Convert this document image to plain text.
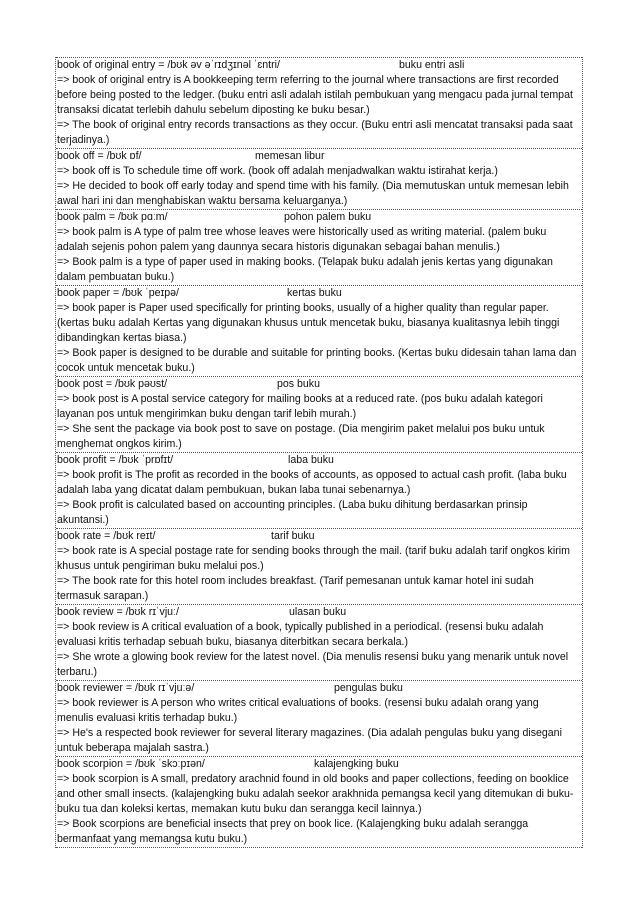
book of original entry = /bʊk əv əˈrɪdʒɪnəl ˈɛntri/	buku entri asli
=> book of original entry is A bookkeeping term referring to the journal where transactions are first recorded before being posted to the ledger. (buku entri asli adalah istilah pembukuan yang mengacu pada jurnal tempat transaksi dicatat terlebih dahulu sebelum diposting ke buku besar.)
=> The book of original entry records transactions as they occur. (Buku entri asli mencatat transaksi pada saat terjadinya.)
book off = /bʊk ɒf/	memesan libur
=> book off is To schedule time off work. (book off adalah menjadwalkan waktu istirahat kerja.)
=> He decided to book off early today and spend time with his family. (Dia memutuskan untuk memesan lebih awal hari ini dan menghabiskan waktu bersama keluarganya.)
book palm = /bʊk pɑːm/	pohon palem buku
=> book palm is A type of palm tree whose leaves were historically used as writing material. (palem buku adalah sejenis pohon palem yang daunnya secara historis digunakan sebagai bahan menulis.)
=> Book palm is a type of paper used in making books. (Telapak buku adalah jenis kertas yang digunakan dalam pembuatan buku.)
book paper = /bʊk ˈpeɪpə/	kertas buku
=> book paper is Paper used specifically for printing books, usually of a higher quality than regular paper. (kertas buku adalah Kertas yang digunakan khusus untuk mencetak buku, biasanya kualitasnya lebih tinggi dibandingkan kertas biasa.)
=> Book paper is designed to be durable and suitable for printing books. (Kertas buku didesain tahan lama dan cocok untuk mencetak buku.)
book post = /bʊk pəʊst/	pos buku
=> book post is A postal service category for mailing books at a reduced rate. (pos buku adalah kategori layanan pos untuk mengirimkan buku dengan tarif lebih murah.)
=> She sent the package via book post to save on postage. (Dia mengirim paket melalui pos buku untuk menghemat ongkos kirim.)
book profit = /bʊk ˈprɒfɪt/	laba buku
=> book profit is The profit as recorded in the books of accounts, as opposed to actual cash profit. (laba buku adalah laba yang dicatat dalam pembukuan, bukan laba tunai sebenarnya.)
=> Book profit is calculated based on accounting principles. (Laba buku dihitung berdasarkan prinsip akuntansi.)
book rate = /bʊk reɪt/	tarif buku
=> book rate is A special postage rate for sending books through the mail. (tarif buku adalah tarif ongkos kirim khusus untuk pengiriman buku melalui pos.)
=> The book rate for this hotel room includes breakfast. (Tarif pemesanan untuk kamar hotel ini sudah termasuk sarapan.)
book review = /bʊk rɪˈvjuː/	ulasan buku
=> book review is A critical evaluation of a book, typically published in a periodical. (resensi buku adalah evaluasi kritis terhadap sebuah buku, biasanya diterbitkan secara berkala.)
=> She wrote a glowing book review for the latest novel. (Dia menulis resensi buku yang menarik untuk novel terbaru.)
book reviewer = /bʊk rɪˈvjuːə/	pengulas buku
=> book reviewer is A person who writes critical evaluations of books. (resensi buku adalah orang yang menulis evaluasi kritis terhadap buku.)
=> He's a respected book reviewer for several literary magazines. (Dia adalah pengulas buku yang disegani untuk beberapa majalah sastra.)
book scorpion = /bʊk ˈskɔːpɪən/	kalajengking buku
=> book scorpion is A small, predatory arachnid found in old books and paper collections, feeding on booklice and other small insects. (kalajengking buku adalah seekor arakhnida pemangsa kecil yang ditemukan di buku-buku tua dan koleksi kertas, memakan kutu buku dan serangga kecil lainnya.)
=> Book scorpions are beneficial insects that prey on book lice. (Kalajengking buku adalah serangga bermanfaat yang memangsa kutu buku.)
